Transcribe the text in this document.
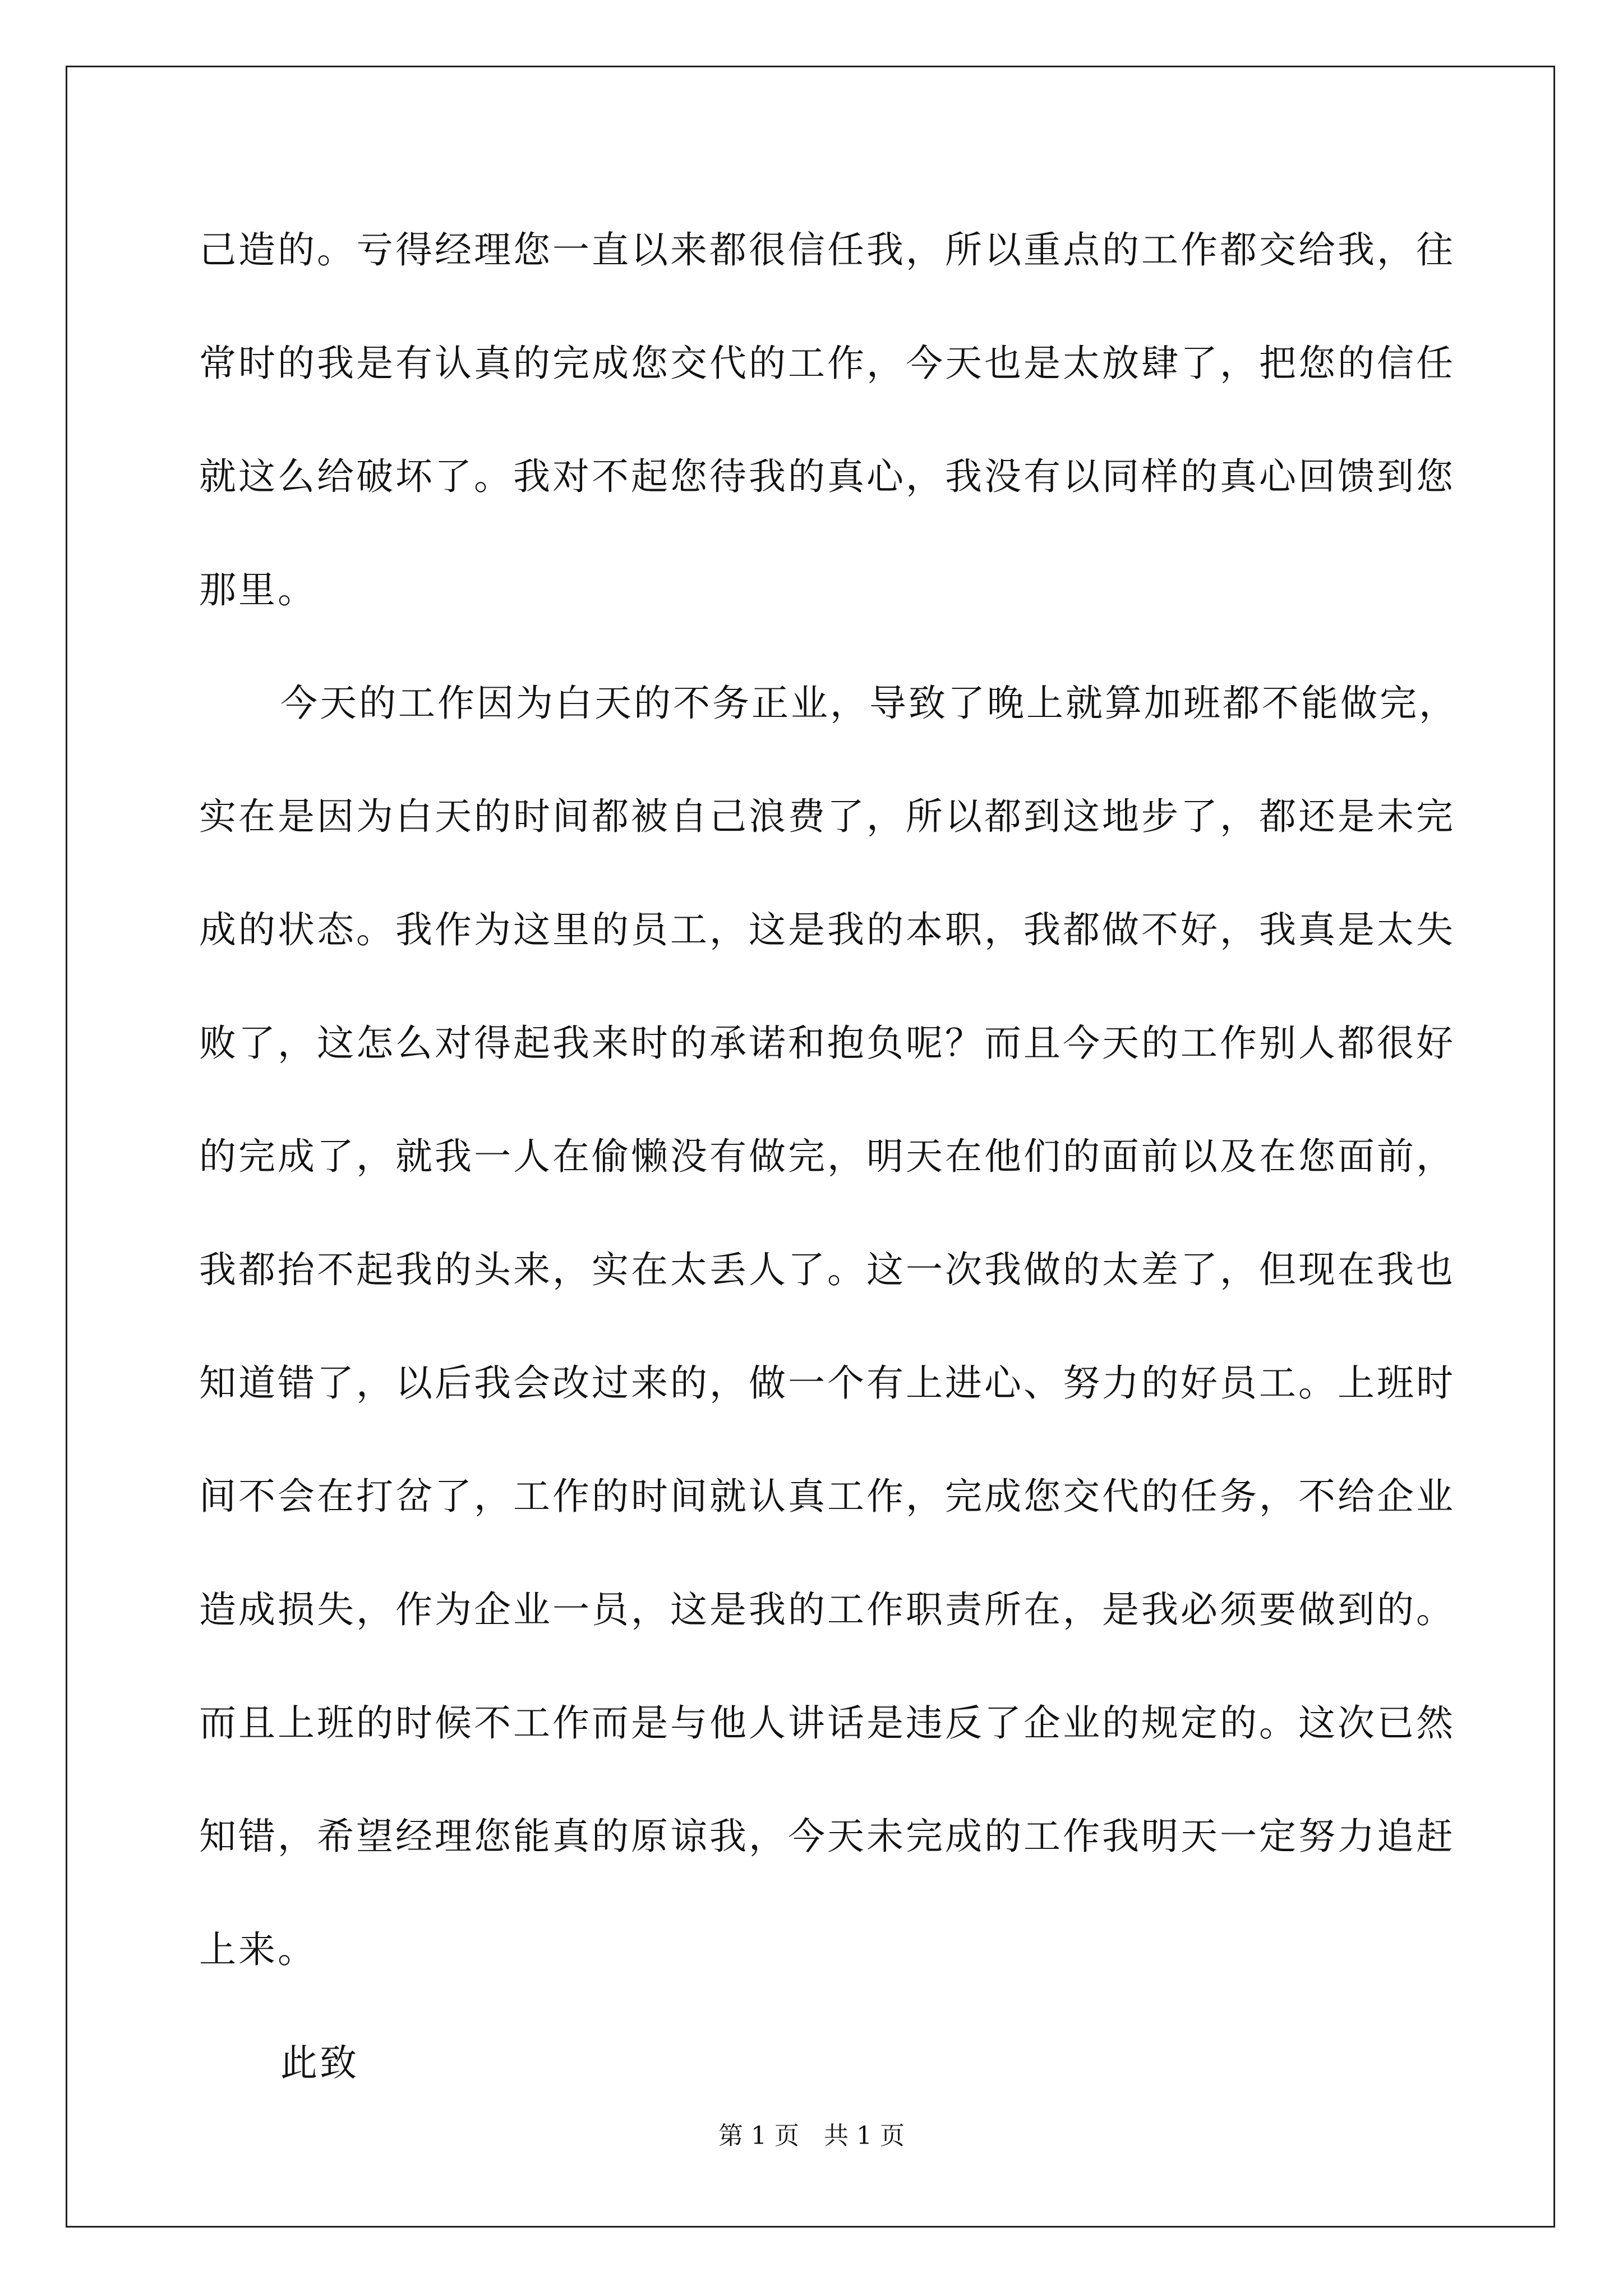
己造的。亏得经理您一直以来都很信任我，所以重点的工作都交给我，往常时的我是有认真的完成您交代的工作，今天也是太放肆了，把您的信任就这么给破坏了。我对不起您待我的真心，我没有以同样的真心回馈到您那里。

今天的工作因为白天的不务正业，导致了晚上就算加班都不能做完，实在是因为白天的时间都被自己浪费了，所以都到这地步了，都还是未完成的状态。我作为这里的员工，这是我的本职，我都做不好，我真是太失败了，这怎么对得起我来时的承诺和抱负呢？而且今天的工作别人都很好的完成了，就我一人在偷懒没有做完，明天在他们的面前以及在您面前，我都抬不起我的头来，实在太丢人了。这一次我做的太差了，但现在我也知道错了，以后我会改过来的，做一个有上进心、努力的好员工。上班时间不会在打岔了，工作的时间就认真工作，完成您交代的任务，不给企业造成损失，作为企业一员，这是我的工作职责所在，是我必须要做到的。而且上班的时候不工作而是与他人讲话是违反了企业的规定的。这次已然知错，希望经理您能真的原谅我，今天未完成的工作我明天一定努力追赶上来。

此致

第 1 页　共 1 页
